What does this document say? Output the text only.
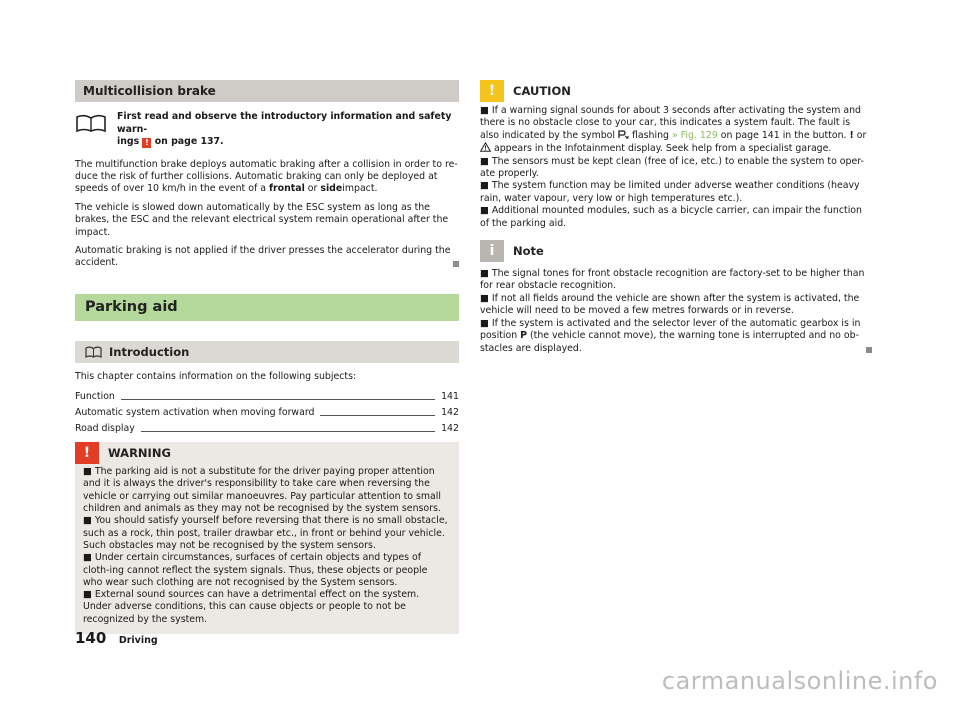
Multicollision brake
First read and observe the introductory information and safety warn-
ings ! on page 137.

The multifunction brake deploys automatic braking after a collision in order to re-duce the risk of further collisions. Automatic braking can only be deployed at speeds of over 10 km/h in the event of a frontal or sideimpact.

The vehicle is slowed down automatically by the ESC system as long as the brakes, the ESC and the relevant electrical system remain operational after the impact.

Automatic braking is not applied if the driver presses the accelerator during the accident.

Parking aid
Introduction

This chapter contains information on the following subjects:

Function	141
Automatic system activation when moving forward	142
Road display	142
!	WARNING

■ The parking aid is not a substitute for the driver paying proper attention and it is always the driver's responsibility to take care when reversing the vehicle or carrying out similar manoeuvres. Pay particular attention to small children and animals as they may not be recognised by the system sensors.

■ You should satisfy yourself before reversing that there is no small obstacle, such as a rock, thin post, trailer drawbar etc., in front or behind your vehicle. Such obstacles may not be recognised by the system sensors.

■ Under certain circumstances, surfaces of certain objects and types of cloth-ing cannot reflect the system signals. Thus, these objects or people who wear such clothing are not recognised by the System sensors.

■ External sound sources can have a detrimental effect on the system. Under adverse conditions, this can cause objects or people to not be recognized by the system.

!	CAUTION

■ If a warning signal sounds for about 3 seconds after activating the system and there is no obstacle close to your car, this indicates a system fault. The fault is also indicated by the symbol  flashing » Fig. 129 on page 141 in the button. ! or
appears in the Infotainment display. Seek help from a specialist garage.

■ The sensors must be kept clean (free of ice, etc.) to enable the system to oper-ate properly.

■ The system function may be limited under adverse weather conditions (heavy rain, water vapour, very low or high temperatures etc.).

■ Additional mounted modules, such as a bicycle carrier, can impair the function of the parking aid.

i	Note

■ The signal tones for front obstacle recognition are factory-set to be higher than for rear obstacle recognition.

■ If not all fields around the vehicle are shown after the system is activated, the vehicle will need to be moved a few metres forwards or in reverse.

■ If the system is activated and the selector lever of the automatic gearbox is in position P (the vehicle cannot move), the warning tone is interrupted and no ob-stacles are displayed.

140 Driving
carmanualsonline.info
